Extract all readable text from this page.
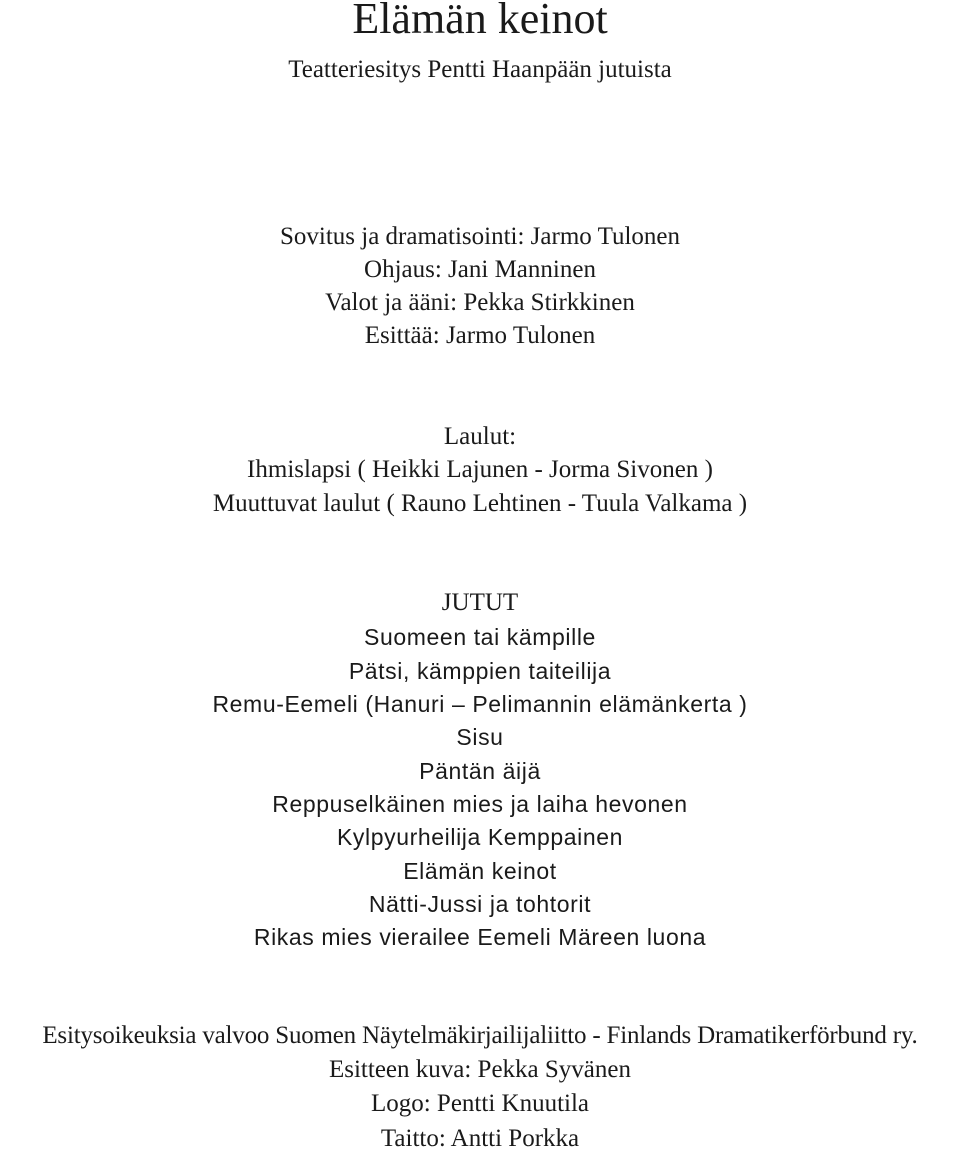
Elämän keinot
Teatteriesitys Pentti Haanpään jutuista
Sovitus ja dramatisointi: Jarmo Tulonen
Ohjaus: Jani Manninen
Valot ja ääni: Pekka Stirkkinen
Esittää: Jarmo Tulonen
Laulut:
Ihmislapsi ( Heikki Lajunen - Jorma Sivonen )
Muuttuvat laulut ( Rauno Lehtinen - Tuula Valkama )
JUTUT
Suomeen tai kämpille
Pätsi, kämppien taiteilija
Remu-Eemeli (Hanuri – Pelimannin elämänkerta )
Sisu
Päntän äijä
Reppuselkäinen mies ja laiha hevonen
Kylpyurheilija Kemppainen
Elämän keinot
Nätti-Jussi ja tohtorit
Rikas mies vierailee Eemeli Märeen luona
Esitysoikeuksia valvoo Suomen Näytelmäkirjailijaliitto - Finlands Dramatikerförbund ry.
Esitteen kuva: Pekka Syvänen
Logo: Pentti Knuutila
Taitto: Antti Porkka
